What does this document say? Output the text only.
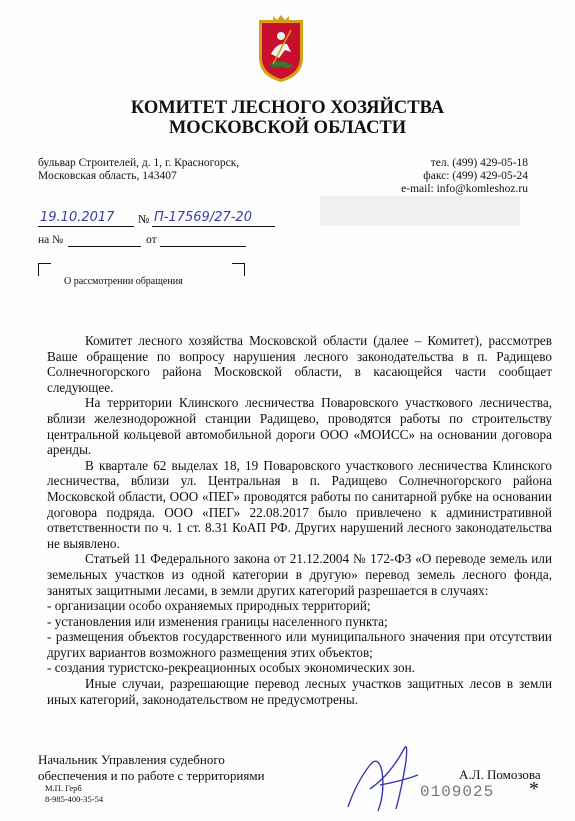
КОМИТЕТ ЛЕСНОГО ХОЗЯЙСТВА
МОСКОВСКОЙ ОБЛАСТИ
бульвар Строителей, д. 1, г. Красногорск,
Московская область, 143407
тел. (499) 429-05-18
факс: (499) 429-05-24
e-mail: info@komleshoz.ru
19.10.2017 № П-17569/27-20
на №	от
О рассмотрении обращения

Комитет лесного хозяйства Московской области (далее – Комитет), рассмотрев Ваше обращение по вопросу нарушения лесного законодательства в п. Радищево Солнечногорского района Московской области, в касающейся части сообщает следующее.

На территории Клинского лесничества Поваровского участкового лесничества, вблизи железнодорожной станции Радищево, проводятся работы по строительству центральной кольцевой автомобильной дороги ООО «МОИСС» на основании договора аренды.

В квартале 62 выделах 18, 19 Поваровского участкового лесничества Клинского лесничества, вблизи ул. Центральная в п. Радищево Солнечногорского района Московской области, ООО «ПЕГ» проводятся работы по санитарной рубке на основании договора подряда. ООО «ПЕГ» 22.08.2017 было привлечено к административной ответственности по ч. 1 ст. 8.31 КоАП РФ. Других нарушений лесного законодательства не выявлено.

Статьей 11 Федерального закона от 21.12.2004 № 172-ФЗ «О переводе земель или земельных участков из одной категории в другую» перевод земель лесного фонда, занятых защитными лесами, в земли других категорий разрешается в случаях:

- организации особо охраняемых природных территорий;

- установления или изменения границы населенного пункта;

- размещения объектов государственного или муниципального значения при отсутствии других вариантов возможного размещения этих объектов;

- создания туристско-рекреационных особых экономических зон.

Иные случаи, разрешающие перевод лесных участков защитных лесов в земли иных категорий, законодательством не предусмотрены.

Начальник Управления судебного
обеспечения и по работе с территориями	А.Л. Помозова
М.П. Герб
8-985-400-35-54	0109025 *
